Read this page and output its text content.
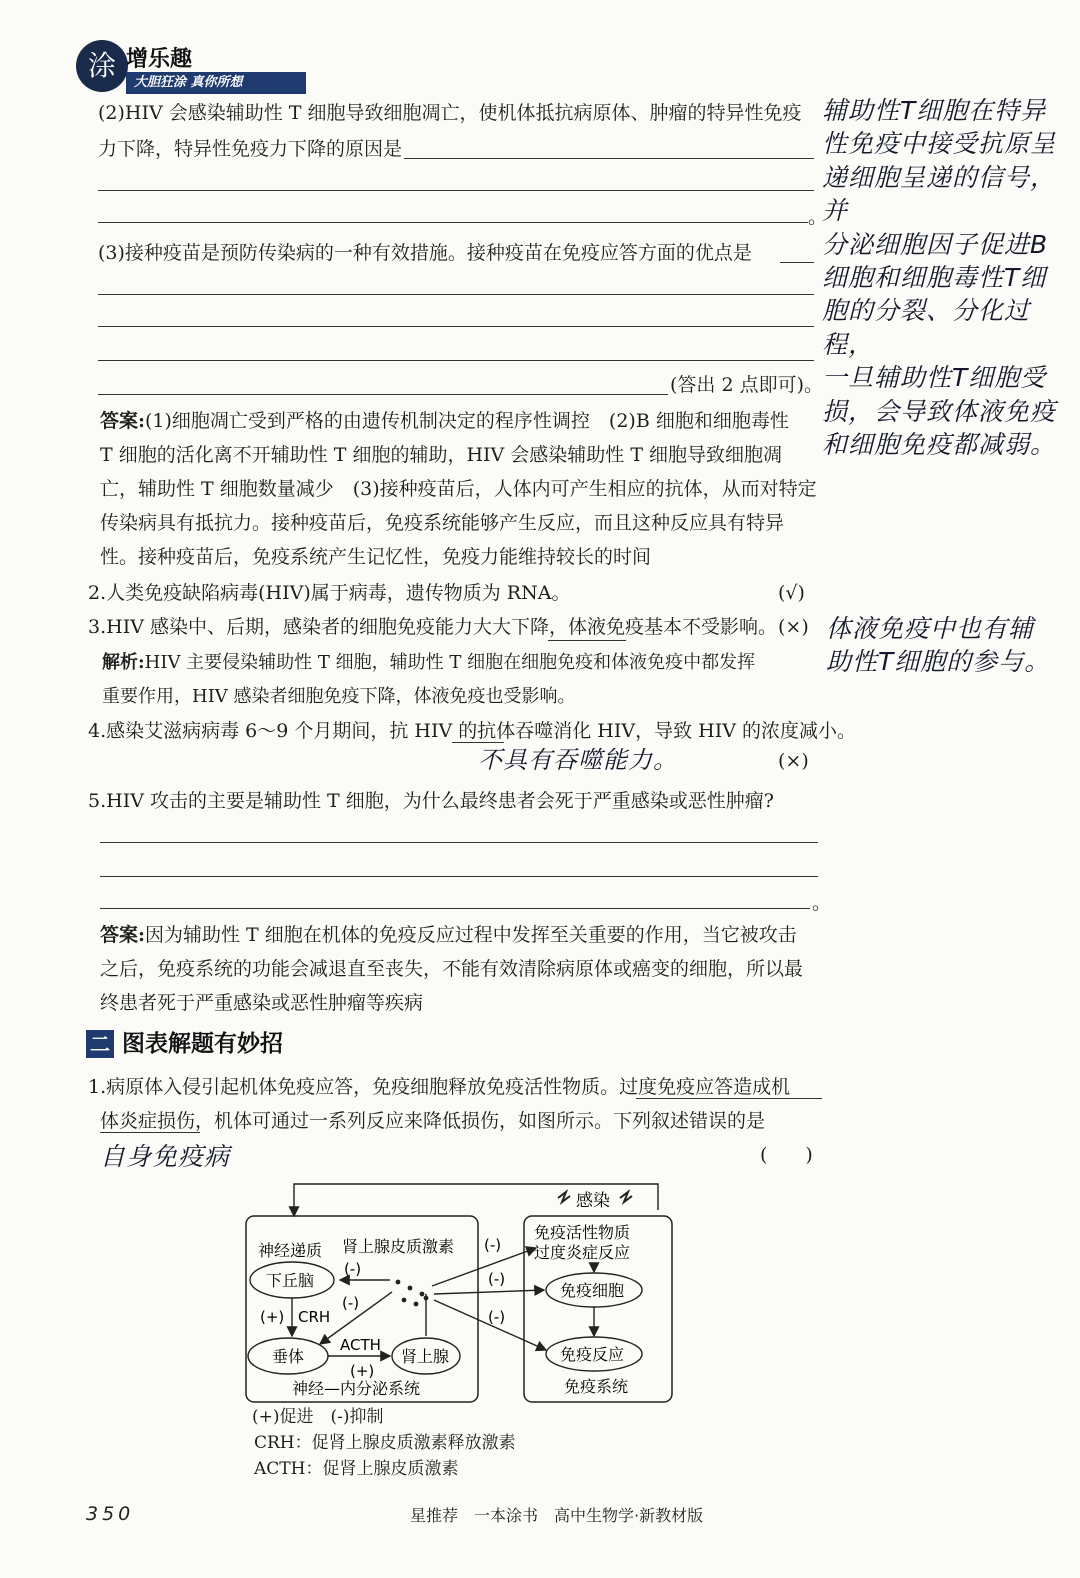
涂 增乐趣
大胆狂涂 真你所想
(2)HIV 会感染辅助性 T 细胞导致细胞凋亡，使机体抵抗病原体、肿瘤的特异性免疫
力下降，特异性免疫力下降的原因是
。
(3)接种疫苗是预防传染病的一种有效措施。接种疫苗在免疫应答方面的优点是
(答出 2 点即可)。
辅助性T细胞在特异
性免疫中接受抗原呈
递细胞呈递的信号，并
分泌细胞因子促进B
细胞和细胞毒性T细
胞的分裂、分化过程，
一旦辅助性T细胞受
损，会导致体液免疫
和细胞免疫都减弱。
答案:(1)细胞凋亡受到严格的由遗传机制决定的程序性调控　(2)B 细胞和细胞毒性
T 细胞的活化离不开辅助性 T 细胞的辅助，HIV 会感染辅助性 T 细胞导致细胞凋
亡，辅助性 T 细胞数量减少　(3)接种疫苗后，人体内可产生相应的抗体，从而对特定
传染病具有抵抗力。接种疫苗后，免疫系统能够产生反应，而且这种反应具有特异
性。接种疫苗后，免疫系统产生记忆性，免疫力能维持较长的时间
2.人类免疫缺陷病毒(HIV)属于病毒，遗传物质为 RNA。	(√)
3.HIV 感染中、后期，感染者的细胞免疫能力大大下降，体液免疫基本不受影响。 (×) 体液免疫中也有辅
助性T细胞的参与。
解析:HIV 主要侵染辅助性 T 细胞，辅助性 T 细胞在细胞免疫和体液免疫中都发挥
重要作用，HIV 感染者细胞免疫下降，体液免疫也受影响。
4.感染艾滋病病毒 6～9 个月期间，抗 HIV 的抗体吞噬消化 HIV，导致 HIV 的浓度减小。
不具有吞噬能力。	(×)
5.HIV 攻击的主要是辅助性 T 细胞，为什么最终患者会死于严重感染或恶性肿瘤?
。
答案:因为辅助性 T 细胞在机体的免疫反应过程中发挥至关重要的作用，当它被攻击
之后，免疫系统的功能会减退直至丧失，不能有效清除病原体或癌变的细胞，所以最
终患者死于严重感染或恶性肿瘤等疾病
二 图表解题有妙招
1.病原体入侵引起机体免疫应答，免疫细胞释放免疫活性物质。过度免疫应答造成机
体炎症损伤，机体可通过一系列反应来降低损伤，如图所示。下列叙述错误的是
(　　)
自身免疫病
感染
神经递质 肾上腺皮质激素 (-)
下丘脑
垂体	肾上腺
(+) CRH
ACTH
(+)
(-)
(-)
免疫活性物质
过度炎症反应
免疫细胞
免疫反应
(-)
(-)
神经—内分泌系统	免疫系统
(+)促进　(-)抑制
CRH：促肾上腺皮质激素释放激素
ACTH：促肾上腺皮质激素
350	星推荐　一本涂书　高中生物学·新教材版
